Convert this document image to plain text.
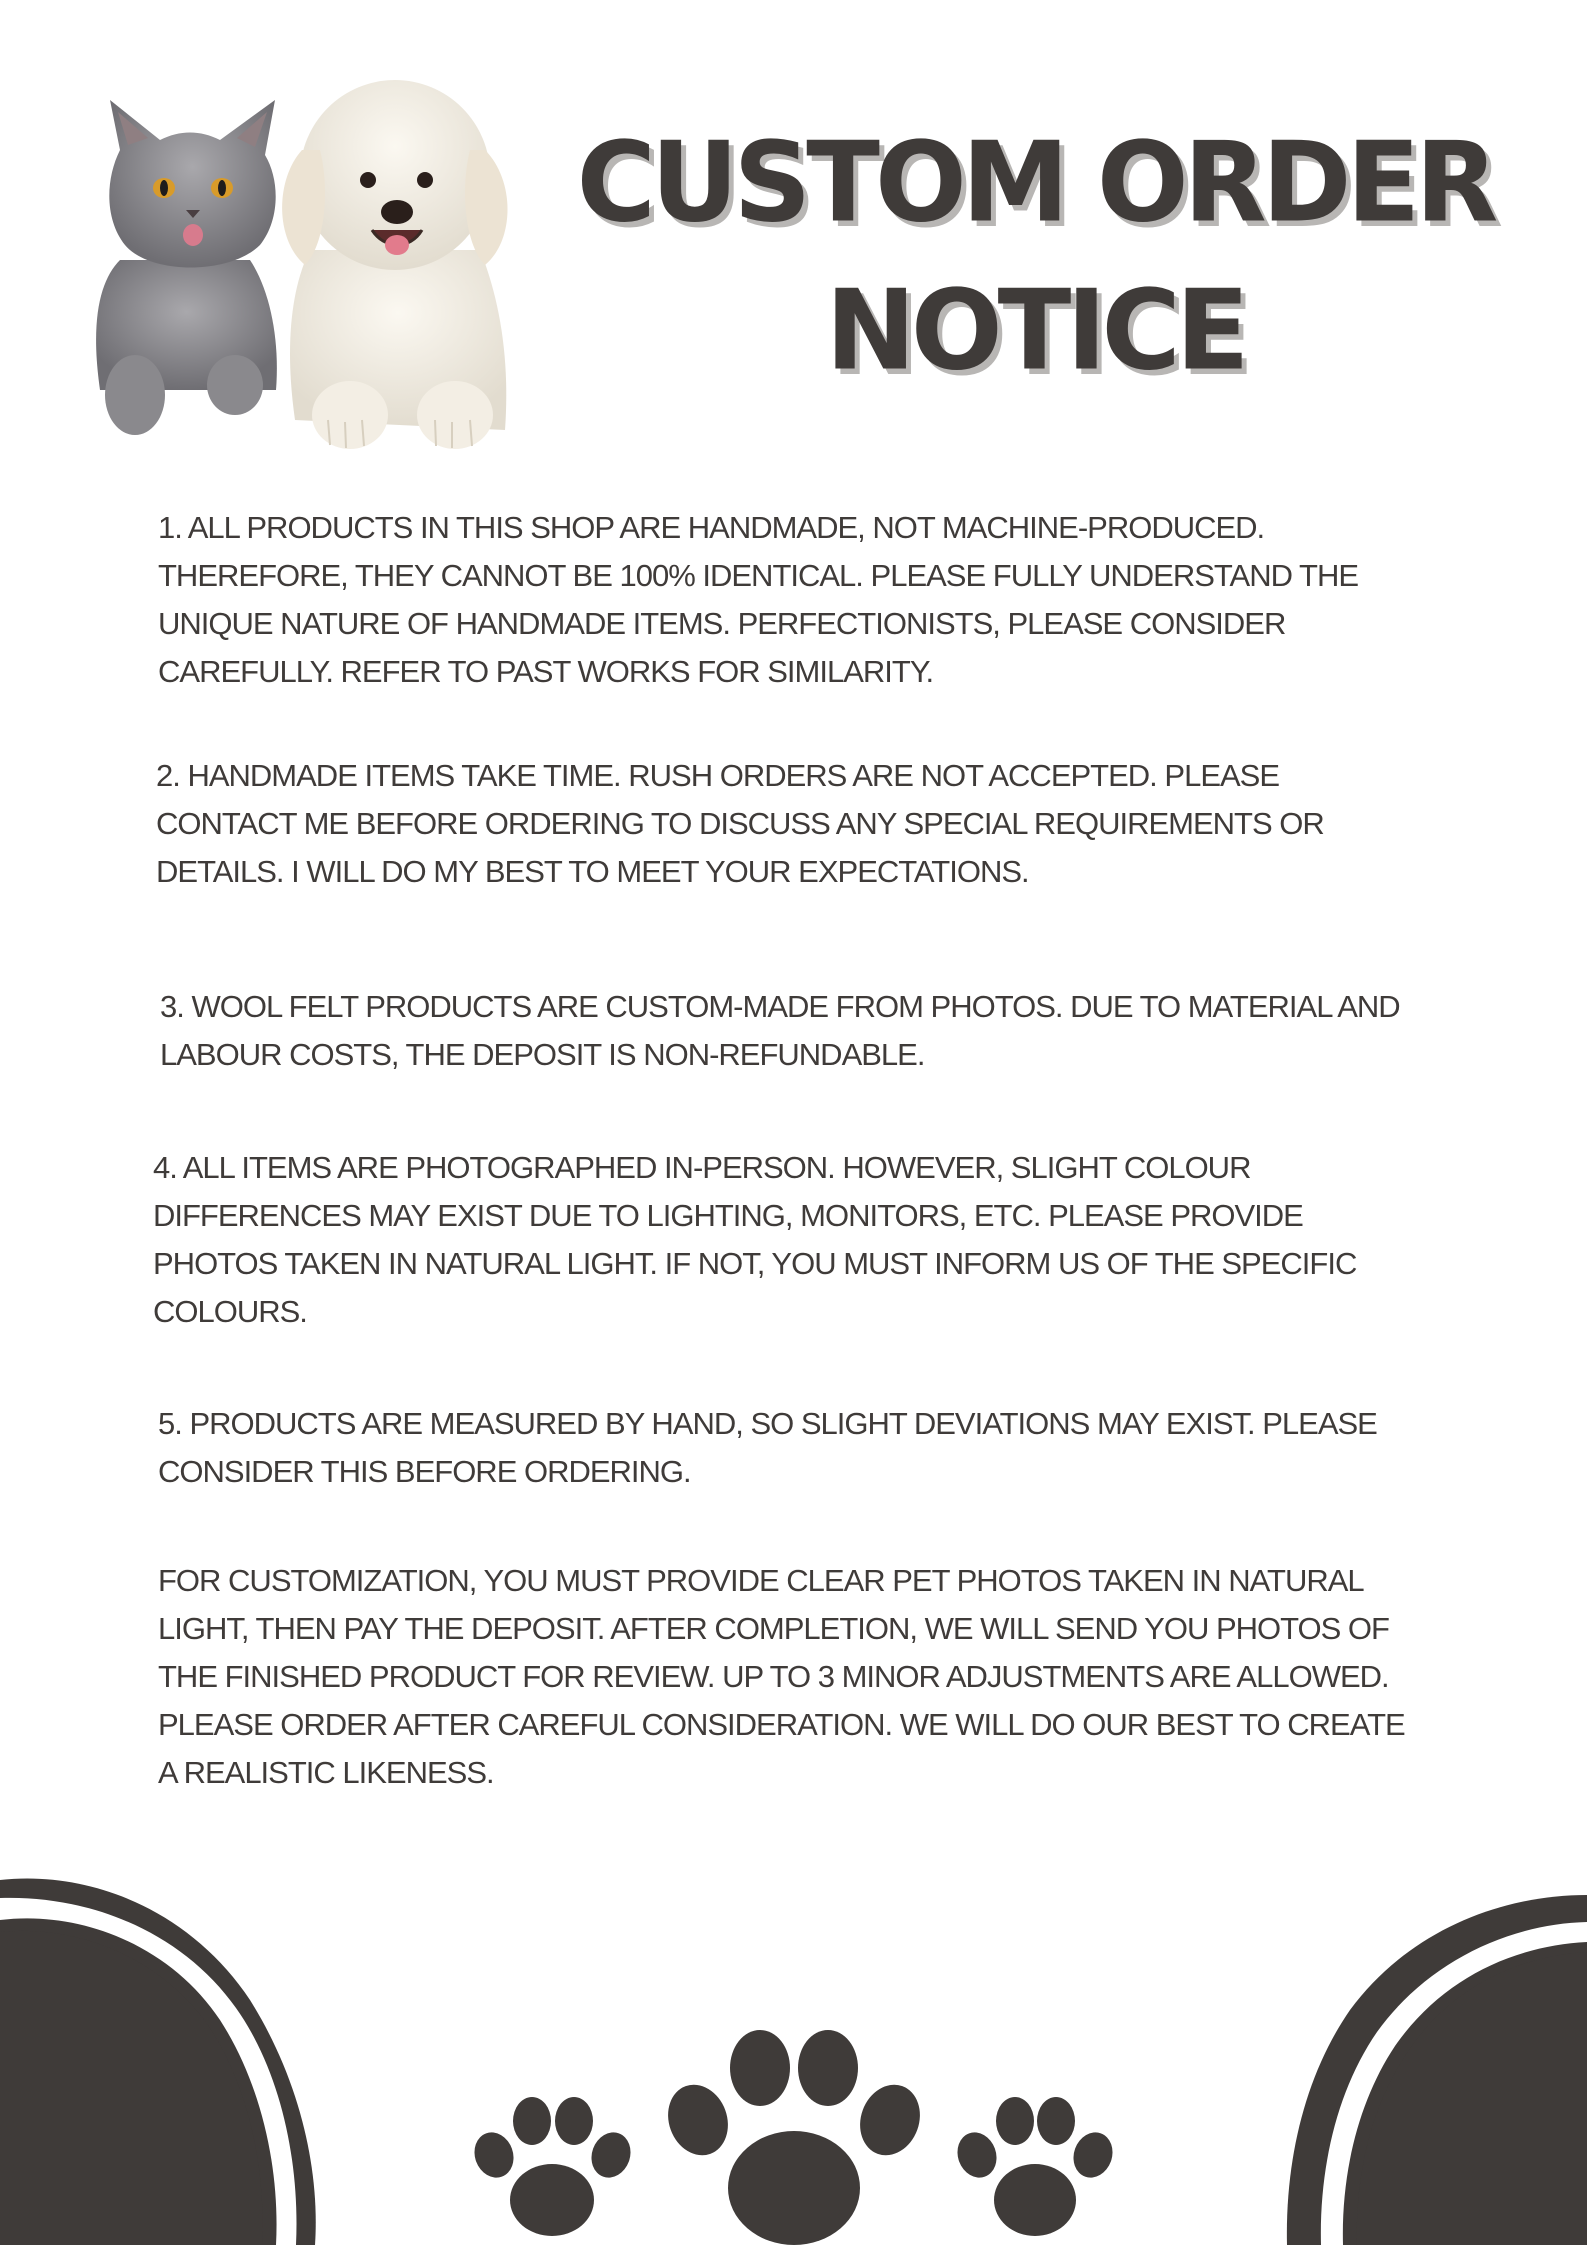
CUSTOM ORDER
NOTICE

1. ALL PRODUCTS IN THIS SHOP ARE HANDMADE, NOT MACHINE-PRODUCED.
THEREFORE, THEY CANNOT BE 100% IDENTICAL. PLEASE FULLY UNDERSTAND THE
UNIQUE NATURE OF HANDMADE ITEMS. PERFECTIONISTS, PLEASE CONSIDER
CAREFULLY. REFER TO PAST WORKS FOR SIMILARITY.

2. HANDMADE ITEMS TAKE TIME. RUSH ORDERS ARE NOT ACCEPTED. PLEASE
CONTACT ME BEFORE ORDERING TO DISCUSS ANY SPECIAL REQUIREMENTS OR
DETAILS. I WILL DO MY BEST TO MEET YOUR EXPECTATIONS.

3. WOOL FELT PRODUCTS ARE CUSTOM-MADE FROM PHOTOS. DUE TO MATERIAL AND
LABOUR COSTS, THE DEPOSIT IS NON-REFUNDABLE.

4. ALL ITEMS ARE PHOTOGRAPHED IN-PERSON. HOWEVER, SLIGHT COLOUR
DIFFERENCES MAY EXIST DUE TO LIGHTING, MONITORS, ETC. PLEASE PROVIDE
PHOTOS TAKEN IN NATURAL LIGHT. IF NOT, YOU MUST INFORM US OF THE SPECIFIC
COLOURS.

5. PRODUCTS ARE MEASURED BY HAND, SO SLIGHT DEVIATIONS MAY EXIST. PLEASE
CONSIDER THIS BEFORE ORDERING.

FOR CUSTOMIZATION, YOU MUST PROVIDE CLEAR PET PHOTOS TAKEN IN NATURAL
LIGHT, THEN PAY THE DEPOSIT. AFTER COMPLETION, WE WILL SEND YOU PHOTOS OF
THE FINISHED PRODUCT FOR REVIEW. UP TO 3 MINOR ADJUSTMENTS ARE ALLOWED.
PLEASE ORDER AFTER CAREFUL CONSIDERATION. WE WILL DO OUR BEST TO CREATE
A REALISTIC LIKENESS.
